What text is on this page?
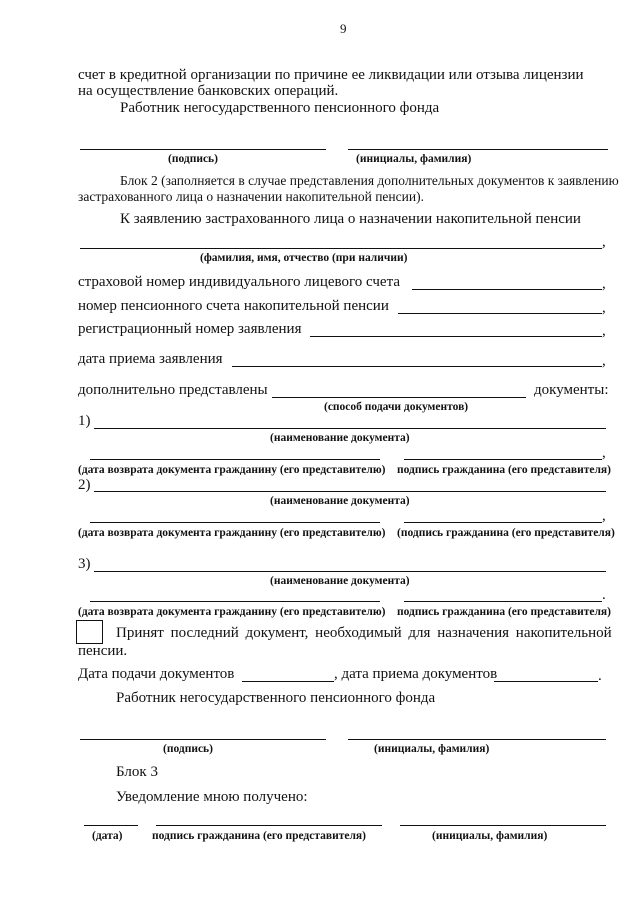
9
счет в кредитной организации по причине ее ликвидации или отзыва лицензии
на осуществление банковских операций.
Работник негосударственного пенсионного фонда
(подпись)	(инициалы, фамилия)
Блок 2 (заполняется в случае представления дополнительных документов к заявлению
застрахованного лица о назначении накопительной пенсии).
К заявлению застрахованного лица о назначении накопительной пенсии
,
(фамилия, имя, отчество (при наличии)
страховой номер индивидуального лицевого счета	,
номер пенсионного счета накопительной пенсии	,
регистрационный номер заявления	,
дата приема заявления	,
дополнительно представлены	документы:
(способ подачи документов)
1)
(наименование документа)
,
(дата возврата документа гражданину (его представителю) подпись гражданина (его представителя)
2)
(наименование документа)
,
(дата возврата документа гражданину (его представителю) (подпись гражданина (его представителя)
3)
(наименование документа)
.
(дата возврата документа гражданину (его представителю) подпись гражданина (его представителя)
Принят последний документ, необходимый для назначения накопительной
пенсии.
Дата подачи документов	, дата приема документов	.
Работник негосударственного пенсионного фонда
(подпись)	(инициалы, фамилия)
Блок 3
Уведомление мною получено:
(дата)	подпись гражданина (его представителя)	(инициалы, фамилия)
